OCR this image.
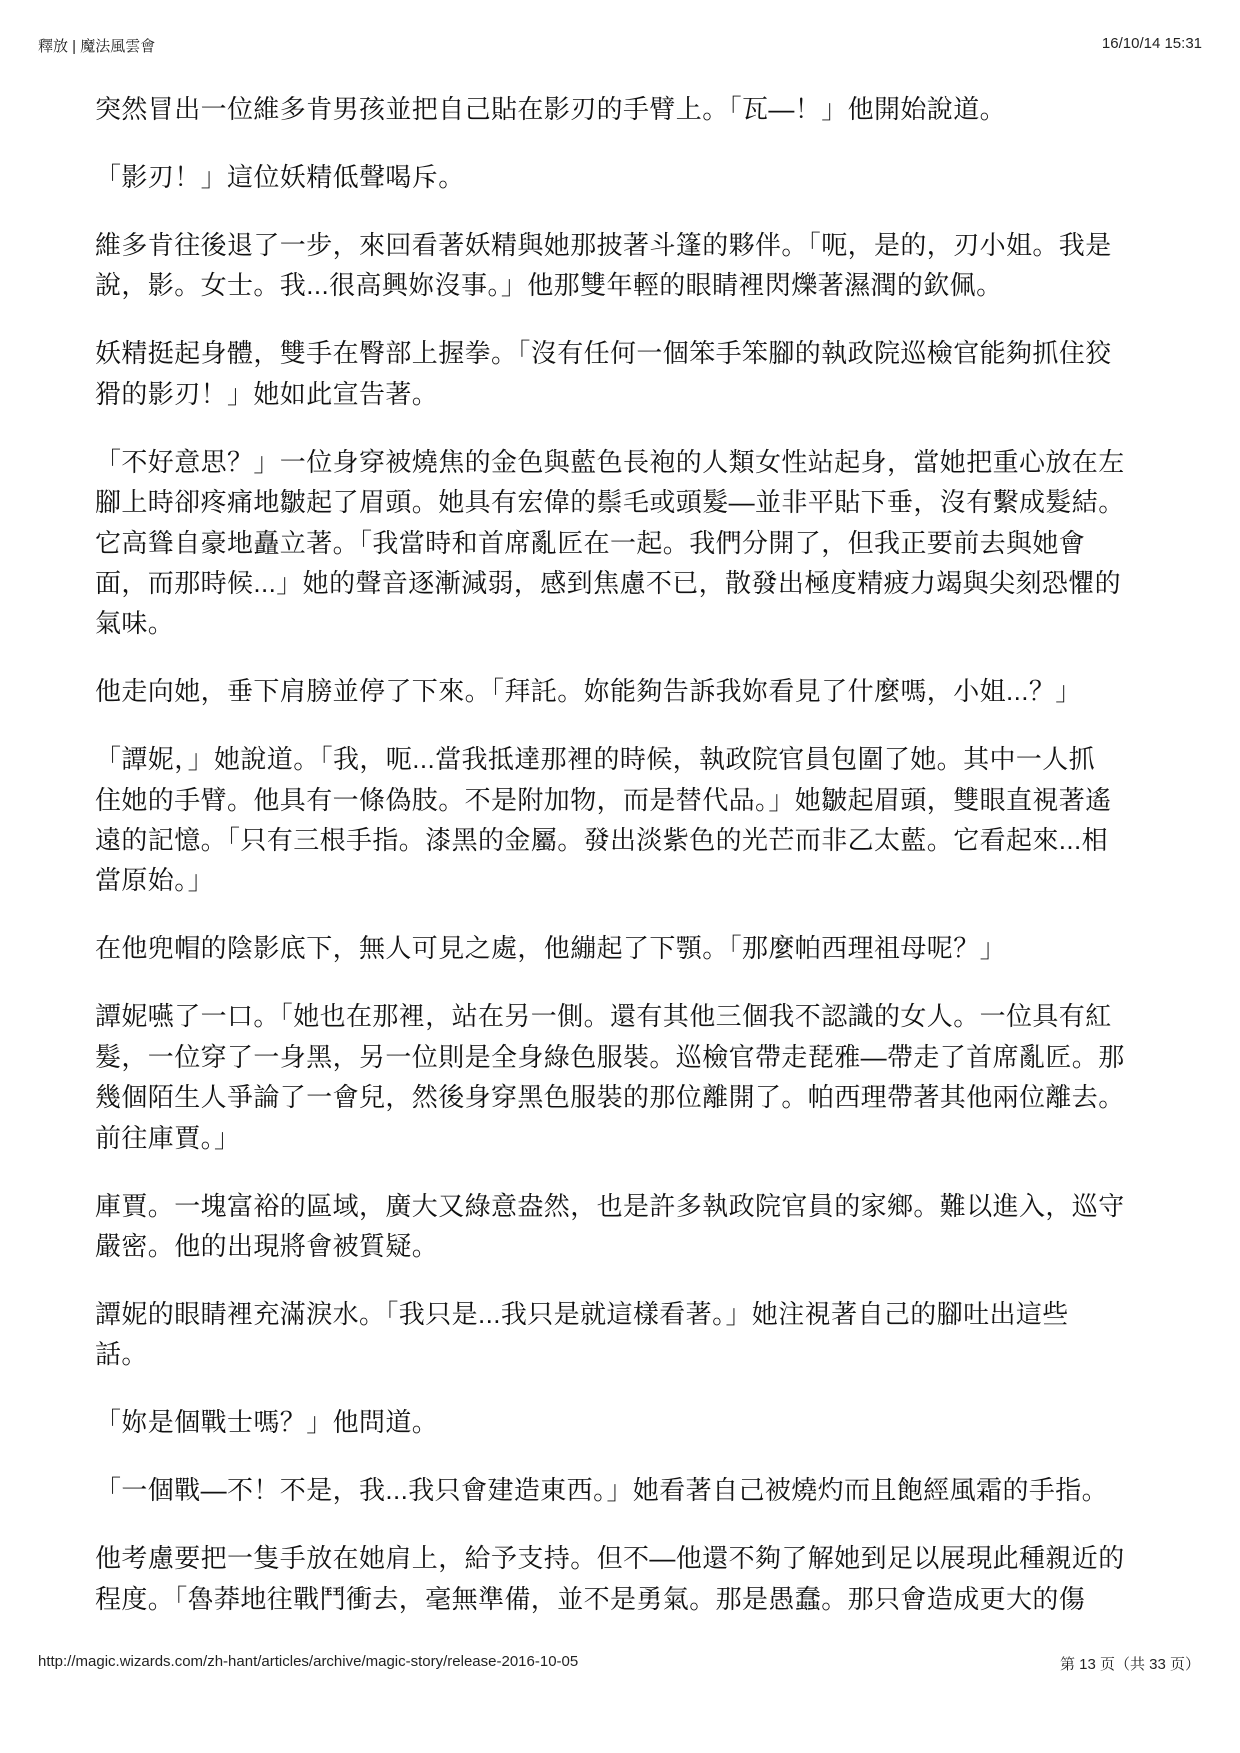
釋放 | 魔法風雲會	16/10/14 15:31
突然冒出一位維多肯男孩並把自己貼在影刃的手臂上。「瓦—！」他開始說道。
「影刃！」這位妖精低聲喝斥。
維多肯往後退了一步，來回看著妖精與她那披著斗篷的夥伴。「呃，是的，刃小姐。我是
說，影。女士。我...很高興妳沒事。」他那雙年輕的眼睛裡閃爍著濕潤的欽佩。
妖精挺起身體，雙手在臀部上握拳。「沒有任何一個笨手笨腳的執政院巡檢官能夠抓住狡
猾的影刃！」她如此宣告著。
「不好意思？」一位身穿被燒焦的金色與藍色長袍的人類女性站起身，當她把重心放在左
腳上時卻疼痛地皺起了眉頭。她具有宏偉的鬃毛或頭髮—並非平貼下垂，沒有繫成髮結。
它高聳自豪地矗立著。「我當時和首席亂匠在一起。我們分開了，但我正要前去與她會
面，而那時候...」她的聲音逐漸減弱，感到焦慮不已，散發出極度精疲力竭與尖刻恐懼的
氣味。
他走向她，垂下肩膀並停了下來。「拜託。妳能夠告訴我妳看見了什麼嗎，小姐...？」
「譚妮，」她說道。「我，呃...當我抵達那裡的時候，執政院官員包圍了她。其中一人抓
住她的手臂。他具有一條偽肢。不是附加物，而是替代品。」她皺起眉頭，雙眼直視著遙
遠的記憶。「只有三根手指。漆黑的金屬。發出淡紫色的光芒而非乙太藍。它看起來...相
當原始。」
在他兜帽的陰影底下，無人可見之處，他繃起了下顎。「那麼帕西理祖母呢？」
譚妮嚥了一口。「她也在那裡，站在另一側。還有其他三個我不認識的女人。一位具有紅
髮，一位穿了一身黑，另一位則是全身綠色服裝。巡檢官帶走琵雅—帶走了首席亂匠。那
幾個陌生人爭論了一會兒，然後身穿黑色服裝的那位離開了。帕西理帶著其他兩位離去。
前往庫賈。」
庫賈。一塊富裕的區域，廣大又綠意盎然，也是許多執政院官員的家鄉。難以進入，巡守
嚴密。他的出現將會被質疑。
譚妮的眼睛裡充滿淚水。「我只是...我只是就這樣看著。」她注視著自己的腳吐出這些
話。
「妳是個戰士嗎？」他問道。
「一個戰—不！不是，我...我只會建造東西。」她看著自己被燒灼而且飽經風霜的手指。
他考慮要把一隻手放在她肩上，給予支持。但不—他還不夠了解她到足以展現此種親近的
程度。「魯莽地往戰鬥衝去，毫無準備，並不是勇氣。那是愚蠢。那只會造成更大的傷
http://magic.wizards.com/zh-hant/articles/archive/magic-story/release-2016-10-05	第 13 页（共 33 页）
